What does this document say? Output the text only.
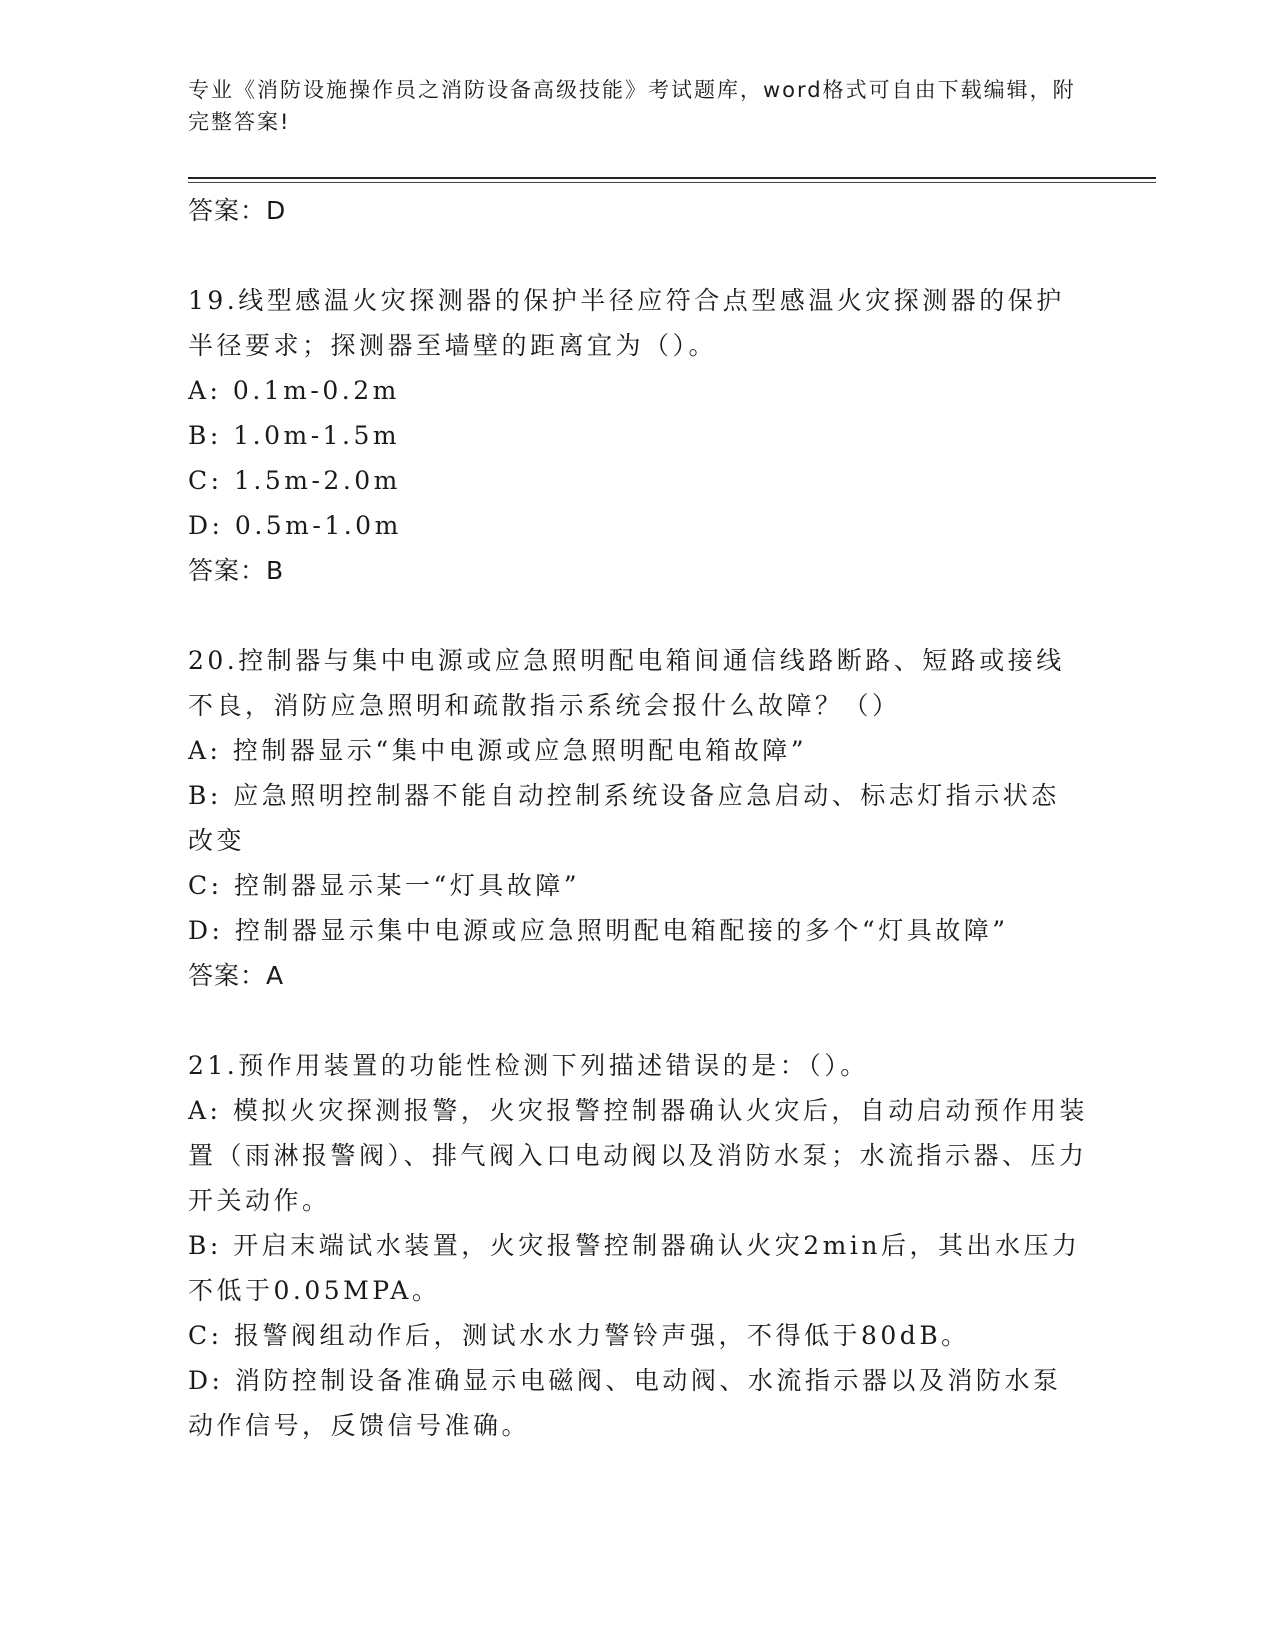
专业《消防设施操作员之消防设备高级技能》考试题库，word格式可自由下载编辑，附完整答案!

答案：D

19.线型感温火灾探测器的保护半径应符合点型感温火灾探测器的保护半径要求；探测器至墙壁的距离宜为（）。

A: 0.1m-0.2m

B: 1.0m-1.5m

C: 1.5m-2.0m

D: 0.5m-1.0m

答案：B

20.控制器与集中电源或应急照明配电箱间通信线路断路、短路或接线不良，消防应急照明和疏散指示系统会报什么故障？（）

A: 控制器显示“集中电源或应急照明配电箱故障”

B: 应急照明控制器不能自动控制系统设备应急启动、标志灯指示状态改变

C: 控制器显示某一“灯具故障”

D: 控制器显示集中电源或应急照明配电箱配接的多个“灯具故障”

答案：A

21.预作用装置的功能性检测下列描述错误的是：（）。

A: 模拟火灾探测报警，火灾报警控制器确认火灾后，自动启动预作用装置（雨淋报警阀）、排气阀入口电动阀以及消防水泵；水流指示器、压力开关动作。

B: 开启末端试水装置，火灾报警控制器确认火灾2min后，其出水压力不低于0.05MPA。

C: 报警阀组动作后，测试水水力警铃声强，不得低于80dB。

D: 消防控制设备准确显示电磁阀、电动阀、水流指示器以及消防水泵动作信号，反馈信号准确。
